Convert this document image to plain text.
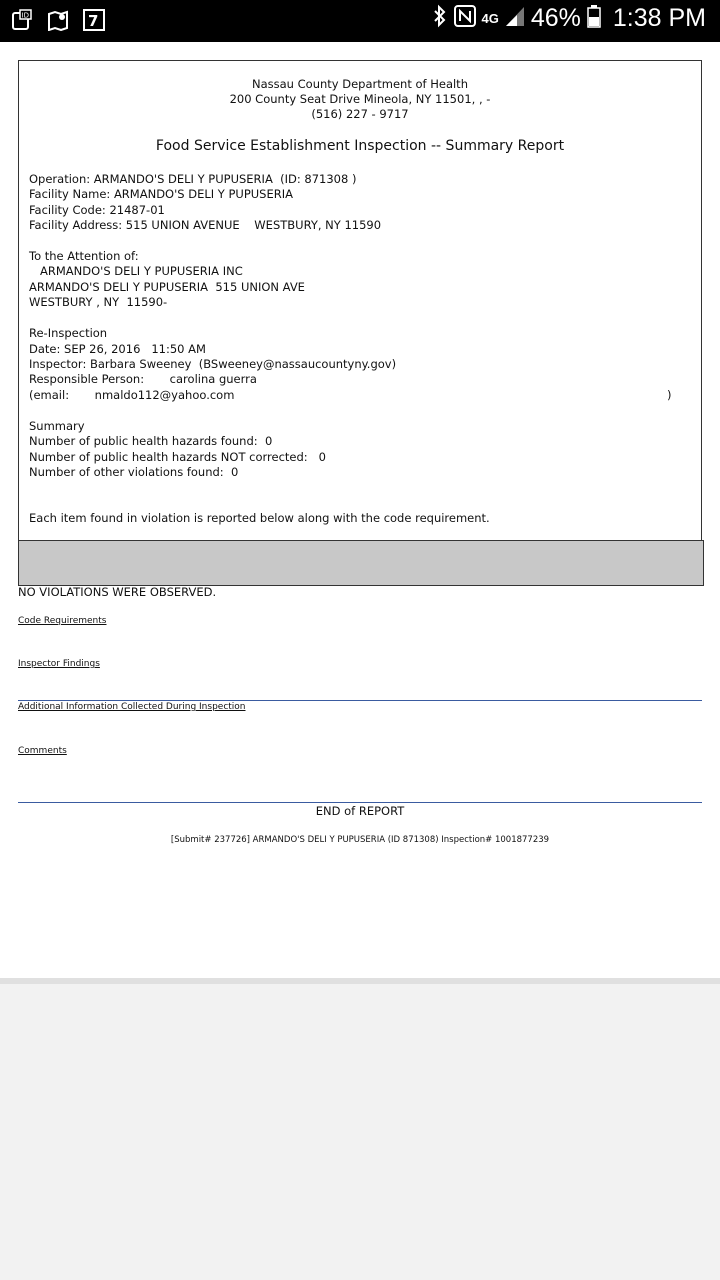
ID	7	4G 46% 1:38 PM
Nassau County Department of Health
200 County Seat Drive Mineola, NY 11501, , -
(516) 227 - 9717
Food Service Establishment Inspection -- Summary Report
Operation: ARMANDO'S DELI Y PUPUSERIA  (ID: 871308 )
Facility Name: ARMANDO'S DELI Y PUPUSERIA
Facility Code: 21487-01
Facility Address: 515 UNION AVENUE    WESTBURY, NY 11590
To the Attention of:
ARMANDO'S DELI Y PUPUSERIA INC
ARMANDO'S DELI Y PUPUSERIA  515 UNION AVE
WESTBURY , NY  11590-
Re-Inspection
Date: SEP 26, 2016   11:50 AM
Inspector: Barbara Sweeney  (BSweeney@nassaucountyny.gov)
Responsible Person:       carolina guerra
(email:       nmaldo112@yahoo.com	)
Summary
Number of public health hazards found:  0
Number of public health hazards NOT corrected:   0
Number of other violations found:  0
Each item found in violation is reported below along with the code requirement.
NO VIOLATIONS WERE OBSERVED.
Code Requirements
Inspector Findings
Additional Information Collected During Inspection
Comments
END of REPORT
[Submit# 237726] ARMANDO'S DELI Y PUPUSERIA (ID 871308) Inspection# 1001877239
